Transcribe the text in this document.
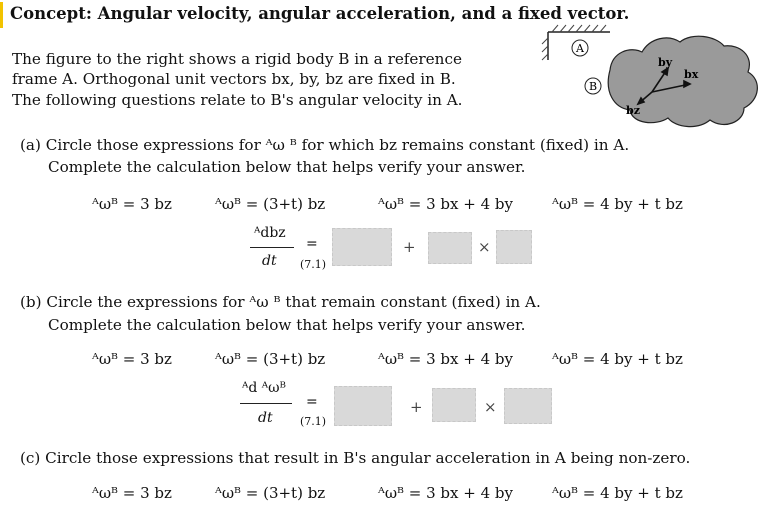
Concept: Angular velocity, angular acceleration, and a fixed vector.
The figure to the right shows a rigid body B in a reference
frame A. Orthogonal unit vectors bx, by, bz are fixed in B.
The following questions relate to B's angular velocity in A.
A
B
by
bx
bz
(a) Circle those expressions for ᴬω ᴮ for which bz remains constant (fixed) in A.
Complete the calculation below that helps verify your answer.
ᴬωᴮ = 3 bz	ᴬωᴮ = (3+t) bz	ᴬωᴮ = 3 bx + 4 by	ᴬωᴮ = 4 by + t bz
ᴬdbz
dt
=
(7.1)
+	×
(b) Circle the expressions for ᴬω ᴮ that remain constant (fixed) in A.
Complete the calculation below that helps verify your answer.
ᴬωᴮ = 3 bz	ᴬωᴮ = (3+t) bz	ᴬωᴮ = 3 bx + 4 by	ᴬωᴮ = 4 by + t bz
ᴬd ᴬωᴮ
dt
=
(7.1)
+	×
(c) Circle those expressions that result in B's angular acceleration in A being non-zero.
ᴬωᴮ = 3 bz	ᴬωᴮ = (3+t) bz	ᴬωᴮ = 3 bx + 4 by	ᴬωᴮ = 4 by + t bz
